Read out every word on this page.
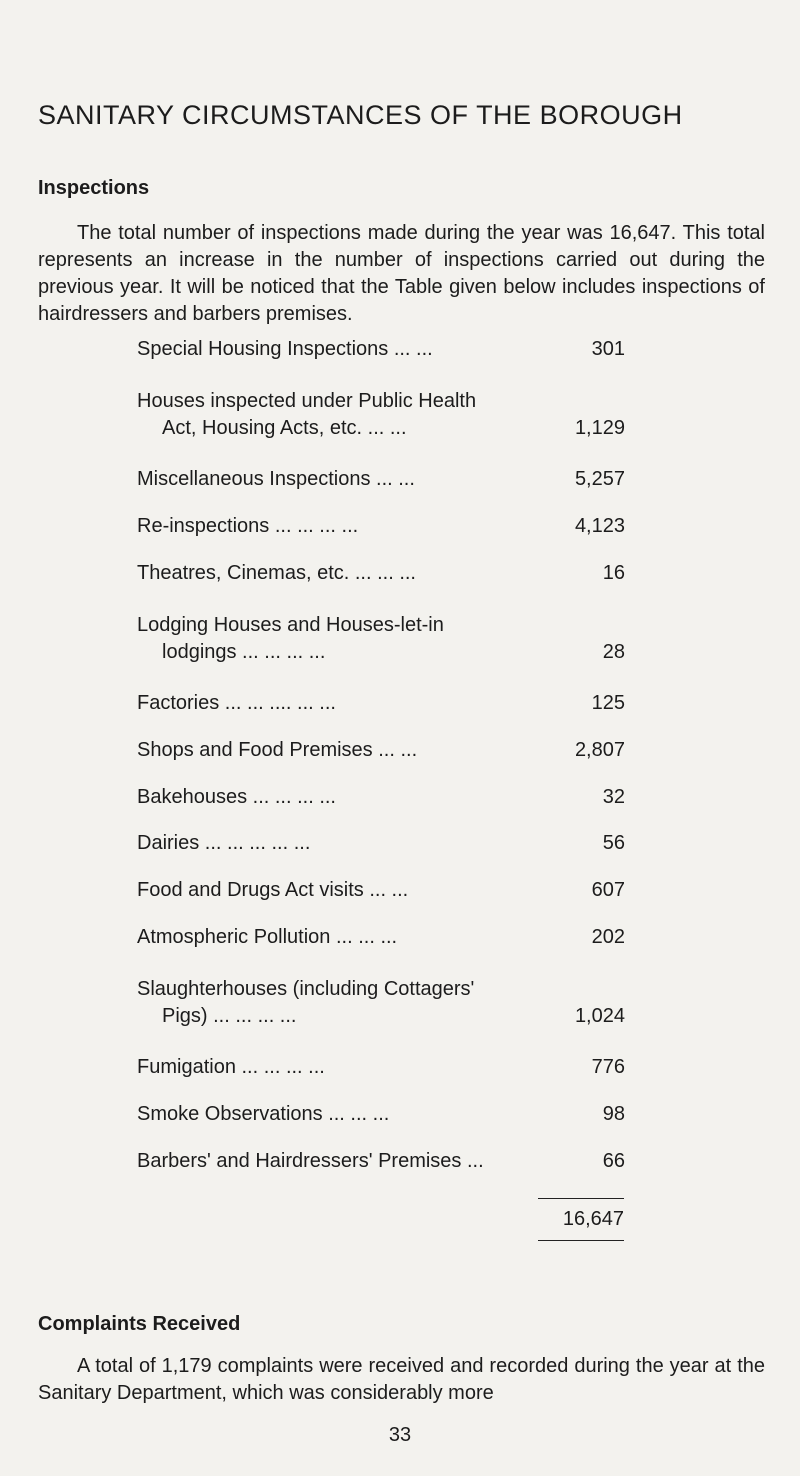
SANITARY CIRCUMSTANCES OF THE BOROUGH
Inspections

The total number of inspections made during the year was 16,647. This total represents an increase in the number of inspections carried out during the previous year. It will be noticed that the Table given below includes inspections of hairdressers and barbers premises.

Special Housing Inspections ... ...	301
Houses inspected under Public Health
Act, Housing Acts, etc. ... ...	1,129
Miscellaneous Inspections ... ...	5,257
Re-inspections ... ... ... ...	4,123
Theatres, Cinemas, etc. ... ... ...	16
Lodging Houses and Houses-let-in
lodgings ... ... ... ...	28
Factories ... ... .... ... ...	125
Shops and Food Premises ... ...	2,807
Bakehouses ... ... ... ...	32
Dairies ... ... ... ... ...	56
Food and Drugs Act visits ... ...	607
Atmospheric Pollution ... ... ...	202
Slaughterhouses (including Cottagers'
Pigs) ... ... ... ...	1,024
Fumigation ... ... ... ...	776
Smoke Observations ... ... ...	98
Barbers' and Hairdressers' Premises ...	66
16,647
Complaints Received

A total of 1,179 complaints were received and recorded during the year at the Sanitary Department, which was considerably more

33
